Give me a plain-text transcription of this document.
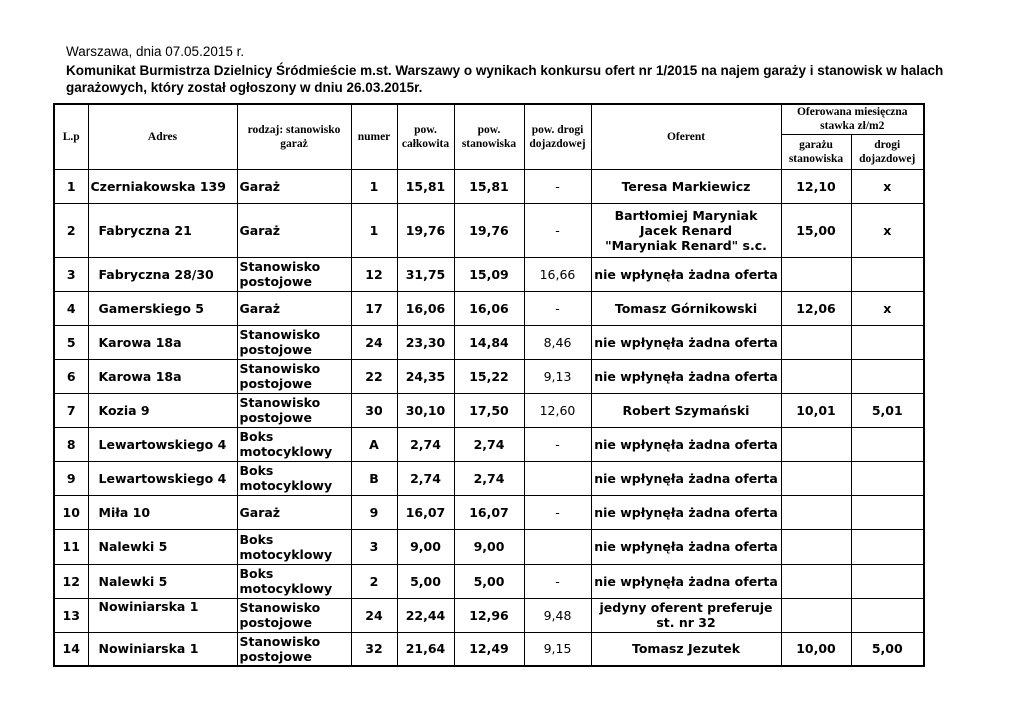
Warszawa, dnia 07.05.2015 r.
Komunikat Burmistrza Dzielnicy Śródmieście m.st. Warszawy o wynikach konkursu ofert nr 1/2015 na najem garaży i stanowisk w halach
garażowych, który został ogłoszony w dniu 26.03.2015r.
L.p	Adres	rodzaj: stanowisko garaż	numer	pow. całkowita	pow. stanowiska	pow. drogi dojazdowej	Oferent	Oferowana miesięczna stawka zł/m2	
								garażu stanowiska	drogi dojazdowej
1	Czerniakowska 139	Garaż	1	15,81	15,81	-	Teresa Markiewicz	12,10	x
2	Fabryczna 21	Garaż	1	19,76	19,76	-	Bartłomiej Maryniak
Jacek Renard
"Maryniak Renard" s.c.	15,00	x
3	Fabryczna 28/30	Stanowisko postojowe	12	31,75	15,09	16,66	nie wpłynęła żadna oferta		
4	Gamerskiego 5	Garaż	17	16,06	16,06	-	Tomasz Górnikowski	12,06	x
5	Karowa 18a	Stanowisko postojowe	24	23,30	14,84	8,46	nie wpłynęła żadna oferta		
6	Karowa 18a	Stanowisko postojowe	22	24,35	15,22	9,13	nie wpłynęła żadna oferta		
7	Kozia 9	Stanowisko postojowe	30	30,10	17,50	12,60	Robert Szymański	10,01	5,01
8	Lewartowskiego 4	Boks motocyklowy	A	2,74	2,74	-	nie wpłynęła żadna oferta		
9	Lewartowskiego 4	Boks motocyklowy	B	2,74	2,74		nie wpłynęła żadna oferta		
10	Miła 10	Garaż	9	16,07	16,07	-	nie wpłynęła żadna oferta		
11	Nalewki 5	Boks motocyklowy	3	9,00	9,00		nie wpłynęła żadna oferta		
12	Nalewki 5	Boks motocyklowy	2	5,00	5,00	-	nie wpłynęła żadna oferta		
13	Nowiniarska 1	Stanowisko postojowe	24	22,44	12,96	9,48	jedyny oferent preferuje
st. nr 32		
14	Nowiniarska 1	Stanowisko postojowe	32	21,64	12,49	9,15	Tomasz Jezutek	10,00	5,00
